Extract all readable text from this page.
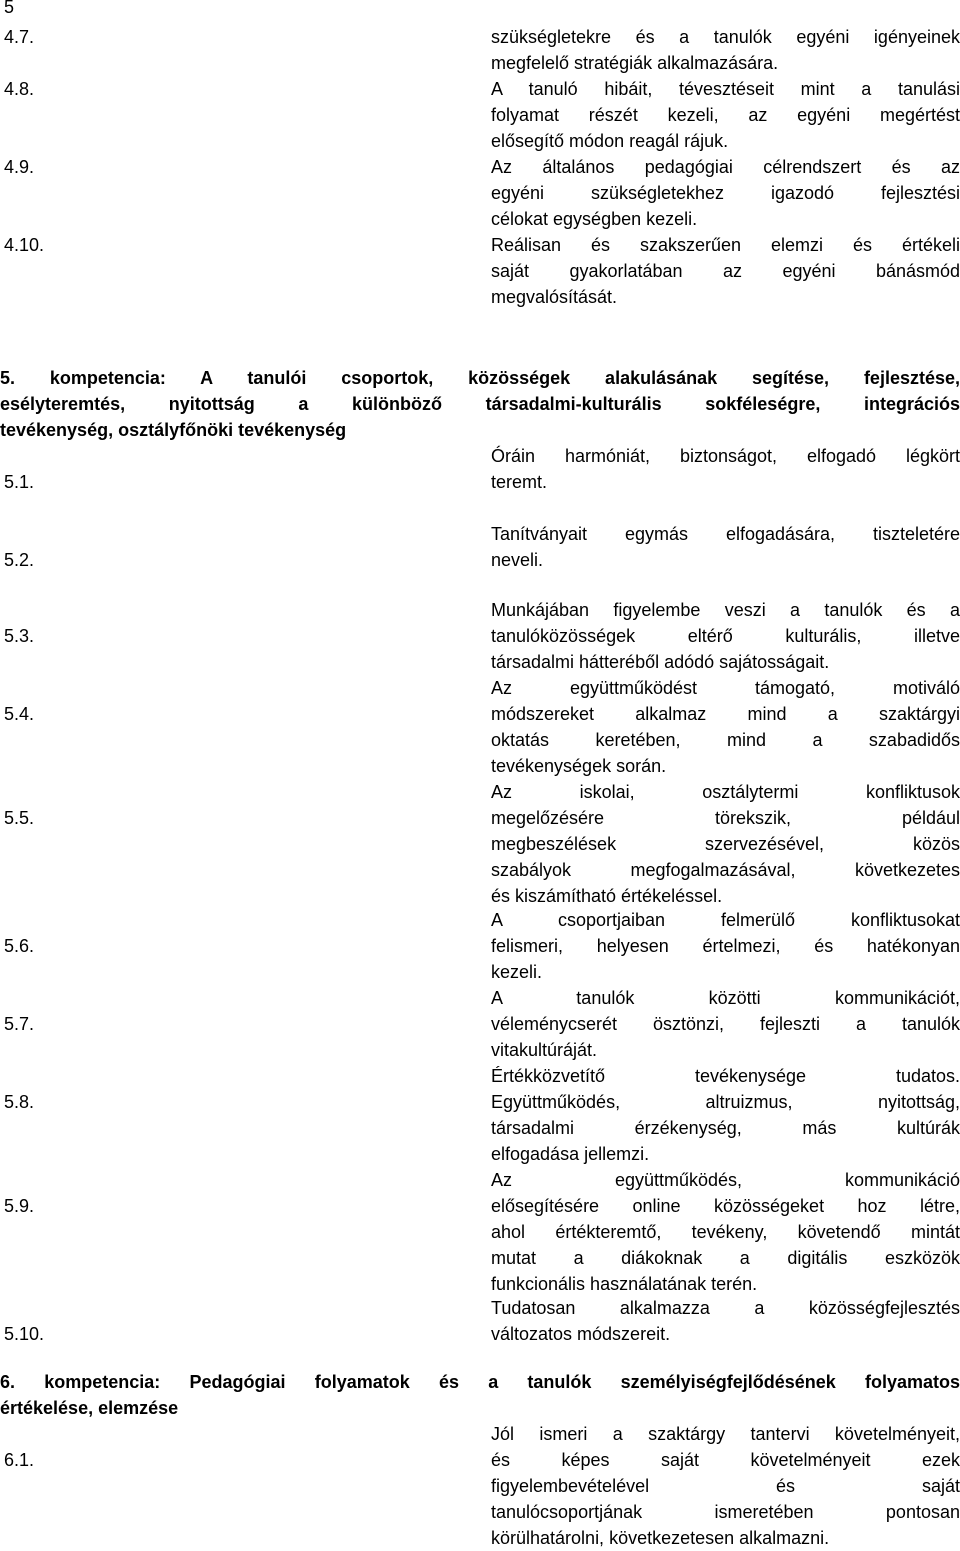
5
4.7.	szükségletekre és a tanulók egyéni igényeinek
megfelelő stratégiák alkalmazására.
4.8.	A tanuló hibáit, tévesztéseit mint a tanulási
folyamat részét kezeli, az egyéni megértést
elősegítő módon reagál rájuk.
4.9.	Az általános pedagógiai célrendszert és az
egyéni szükségletekhez igazodó fejlesztési
célokat egységben kezeli.
4.10.	Reálisan és szakszerűen elemzi és értékeli
saját gyakorlatában az egyéni bánásmód
megvalósítását.
5. kompetencia: A tanulói csoportok, közösségek alakulásának segítése, fejlesztése,
esélyteremtés, nyitottság a különböző társadalmi-kulturális sokféleségre, integrációs
tevékenység, osztályfőnöki tevékenység
5.1.
Óráin harmóniát, biztonságot, elfogadó légkört
teremt.
5.2.
Tanítványait egymás elfogadására, tiszteletére
neveli.
5.3.
Munkájában figyelembe veszi a tanulók és a
tanulóközösségek eltérő kulturális, illetve
társadalmi hátteréből adódó sajátosságait.
5.4.
Az együttműködést támogató, motiváló
módszereket alkalmaz mind a szaktárgyi
oktatás keretében, mind a szabadidős
tevékenységek során.
5.5.
Az iskolai, osztálytermi konfliktusok
megelőzésére törekszik, például
megbeszélések szervezésével, közös
szabályok megfogalmazásával, következetes
és kiszámítható értékeléssel.
5.6.
A csoportjaiban felmerülő konfliktusokat
felismeri, helyesen értelmezi, és hatékonyan
kezeli.
5.7.
A tanulók közötti kommunikációt,
véleménycserét ösztönzi, fejleszti a tanulók
vitakultúráját.
5.8.
Értékközvetítő tevékenysége tudatos.
Együttműködés, altruizmus, nyitottság,
társadalmi érzékenység, más kultúrák
elfogadása jellemzi.
5.9.
Az együttműködés, kommunikáció
elősegítésére online közösségeket hoz létre,
ahol értékteremtő, tevékeny, követendő mintát
mutat a diákoknak a digitális eszközök
funkcionális használatának terén.
5.10.
Tudatosan alkalmazza a közösségfejlesztés
változatos módszereit.
6. kompetencia: Pedagógiai folyamatok és a tanulók személyiségfejlődésének folyamatos
értékelése, elemzése
6.1.
Jól ismeri a szaktárgy tantervi követelményeit,
és képes saját követelményeit ezek
figyelembevételével és saját
tanulócsoportjának ismeretében pontosan
körülhatárolni, következetesen alkalmazni.
